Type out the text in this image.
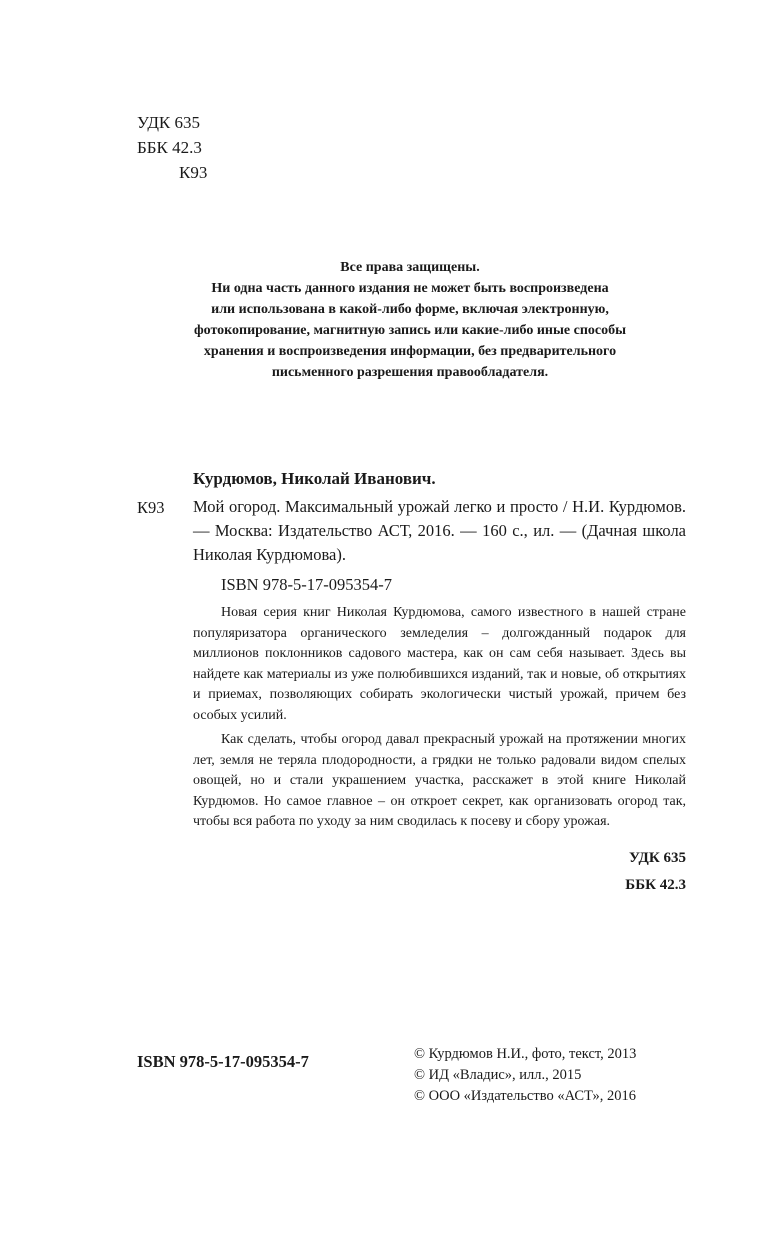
УДК 635
ББК 42.3
К93
Все права защищены.
Ни одна часть данного издания не может быть воспроизведена
или использована в какой-либо форме, включая электронную,
фотокопирование, магнитную запись или какие-либо иные способы
хранения и воспроизведения информации, без предварительного
письменного разрешения правообладателя.
К93
Курдюмов, Николай Иванович.
Мой огород. Максимальный урожай легко и просто / Н.И. Курдюмов. — Москва: Издательство АСТ, 2016. — 160 с., ил. — (Дачная школа Николая Курдюмова).
ISBN 978-5-17-095354-7

Новая серия книг Николая Курдюмова, самого известного в нашей стране популяризатора органического земледелия – долгожданный подарок для миллионов поклонников садового мастера, как он сам себя называет. Здесь вы найдете как материалы из уже полюбившихся изданий, так и новые, об открытиях и приемах, позволяющих собирать экологически чистый урожай, причем без особых усилий.

Как сделать, чтобы огород давал прекрасный урожай на протяжении многих лет, земля не теряла плодородности, а грядки не только радовали видом спелых овощей, но и стали украшением участка, расскажет в этой книге Николай Курдюмов. Но самое главное – он откроет секрет, как организовать огород так, чтобы вся работа по уходу за ним сводилась к посеву и сбору урожая.

УДК 635
ББК 42.3
ISBN 978-5-17-095354-7	© Курдюмов Н.И., фото, текст, 2013
© ИД «Владис», илл., 2015
© ООО «Издательство «АСТ», 2016
